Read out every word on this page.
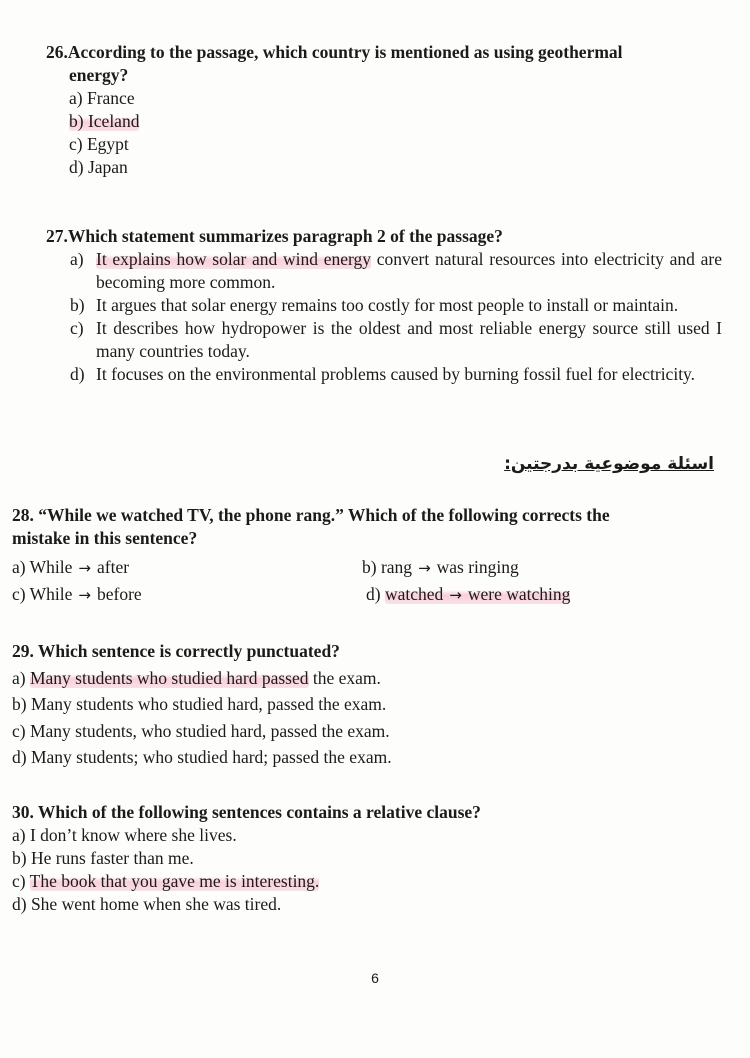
26.According to the passage, which country is mentioned as using geothermal
energy?
a) France
b) Iceland
c) Egypt
d) Japan
27.Which statement summarizes paragraph 2 of the passage?
a) It explains how solar and wind energy convert natural resources into electricity and are becoming more common.
b) It argues that solar energy remains too costly for most people to install or maintain.
c) It describes how hydropower is the oldest and most reliable energy source still used I many countries today.
d) It focuses on the environmental problems caused by burning fossil fuel for electricity.
اسئلة موضوعية بدرجتين:
28. “While we watched TV, the phone rang.” Which of the following corrects the
mistake in this sentence?
a) While → after	b) rang → was ringing
c) While → before	d) watched → were watching
29. Which sentence is correctly punctuated?
a) Many students who studied hard passed the exam.
b) Many students who studied hard, passed the exam.
c) Many students, who studied hard, passed the exam.
d) Many students; who studied hard; passed the exam.
30. Which of the following sentences contains a relative clause?
a) I don’t know where she lives.
b) He runs faster than me.
c) The book that you gave me is interesting.
d) She went home when she was tired.
6
